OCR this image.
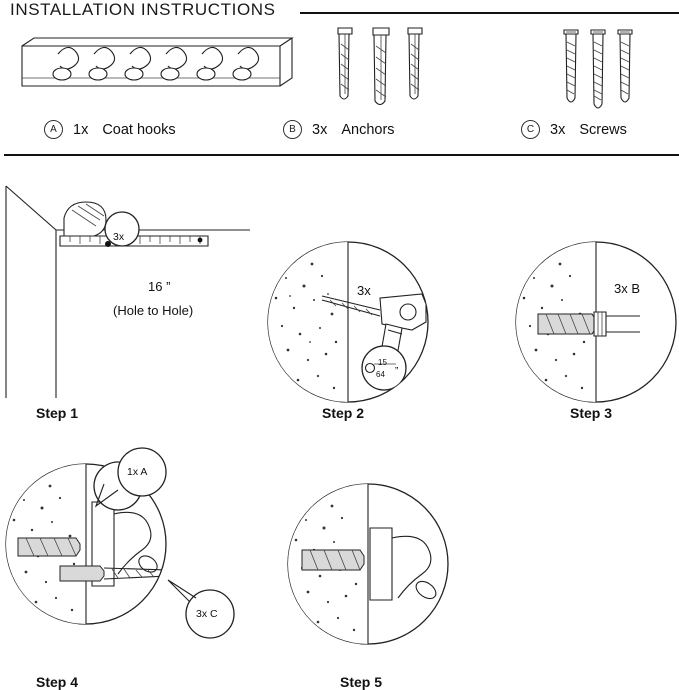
INSTALLATION INSTRUCTIONS
A	1x Coat hooks	B	3x Anchors	C	3x Screws
3x
16 ”
(Hole to Hole)
Step 1
15
64 ”
3x
Step 2
3x B
Step 3
1x A
3x C
Step 4	Step 5
